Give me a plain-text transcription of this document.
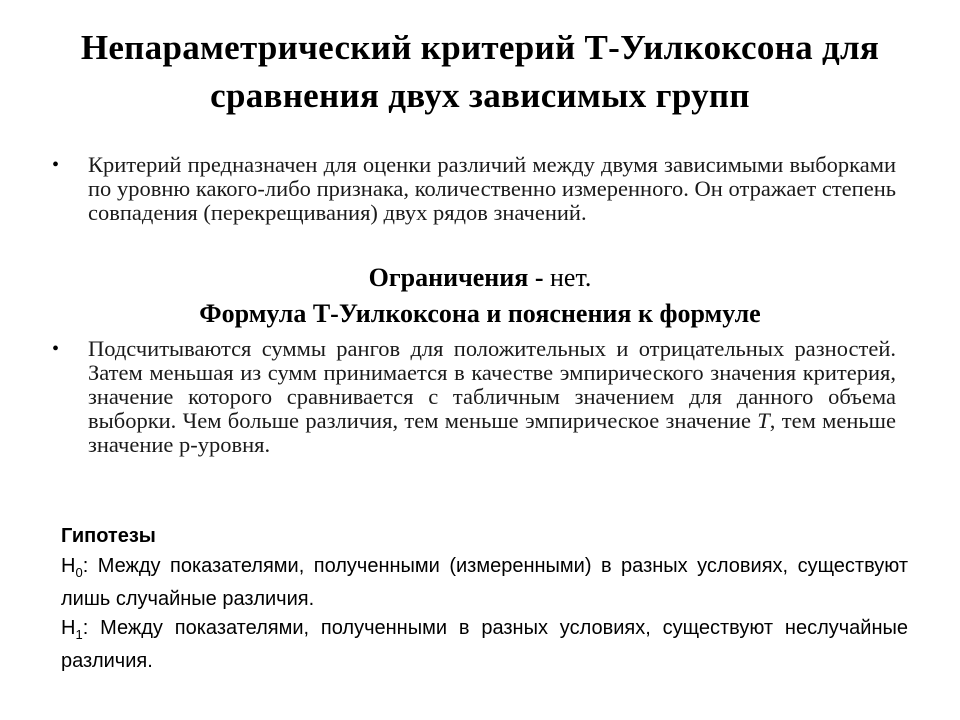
Непараметрический критерий Т-Уилкоксона для сравнения двух зависимых групп
• Критерий предназначен для оценки различий между двумя зависимыми выборками по уровню какого-либо признака, количественно измеренного. Он отражает степень совпадения (перекрещивания) двух рядов значений.
Ограничения - нет.
Формула Т-Уилкоксона и пояснения к формуле
• Подсчитываются суммы рангов для положительных и отрицательных разностей. Затем меньшая из сумм принимается в качестве эмпирического значения критерия, значение которого сравнивается с табличным значением для данного объема выборки. Чем больше различия, тем меньше эмпирическое значение Т, тем меньше значение р-уровня.
Гипотезы
$H_0$: Между показателями, полученными (измеренными) в разных условиях, существуют лишь случайные различия.
$H_1$: Между показателями, полученными в разных условиях, существуют неслучайные различия.
